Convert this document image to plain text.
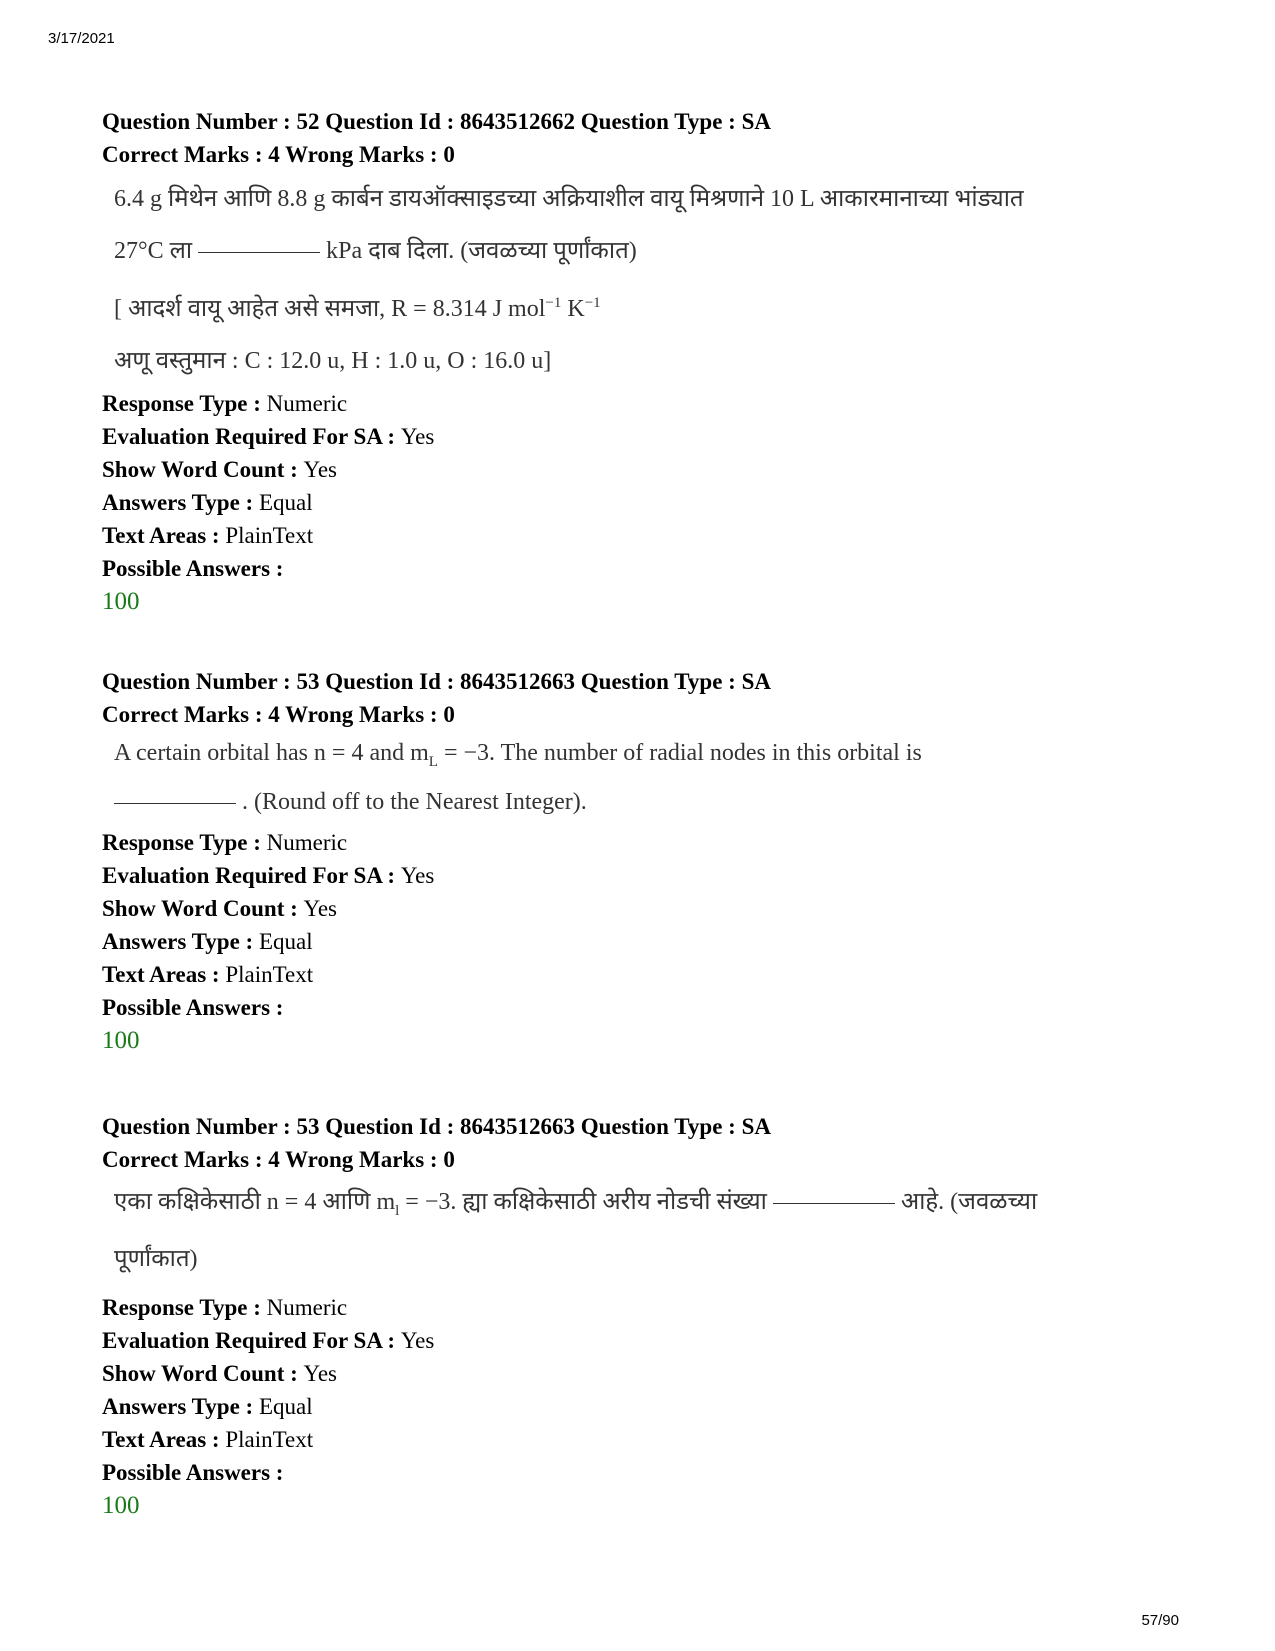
3/17/2021
Question Number : 52 Question Id : 8643512662 Question Type : SA
Correct Marks : 4 Wrong Marks : 0
6.4 g मिथेन आणि 8.8 g कार्बन डायऑक्साइडच्या अक्रियाशील वायू मिश्रणाने 10 L आकारमानाच्या भांड्यात
27°C ला	kPa दाब दिला. (जवळच्या पूर्णांकात)
[ आदर्श वायू आहेत असे समजा, R = 8.314 J mol$^{-1}$ $K^{-1}$
अणू वस्तुमान : C : 12.0 u, H : 1.0 u, O : 16.0 u]
Response Type : Numeric
Evaluation Required For SA : Yes
Show Word Count : Yes
Answers Type : Equal
Text Areas : PlainText
Possible Answers :
100
Question Number : 53 Question Id : 8643512663 Question Type : SA
Correct Marks : 4 Wrong Marks : 0
A certain orbital has n = 4 and $m_L = -3$. The number of radial nodes in this orbital is
. (Round off to the Nearest Integer).
Response Type : Numeric
Evaluation Required For SA : Yes
Show Word Count : Yes
Answers Type : Equal
Text Areas : PlainText
Possible Answers :
100
Question Number : 53 Question Id : 8643512663 Question Type : SA
Correct Marks : 4 Wrong Marks : 0
एका कक्षिकेसाठी n = 4 आणि $m_l = -3$. ह्या कक्षिकेसाठी अरीय नोडची संख्या	आहे. (जवळच्या
पूर्णांकात)
Response Type : Numeric
Evaluation Required For SA : Yes
Show Word Count : Yes
Answers Type : Equal
Text Areas : PlainText
Possible Answers :
100
57/90
